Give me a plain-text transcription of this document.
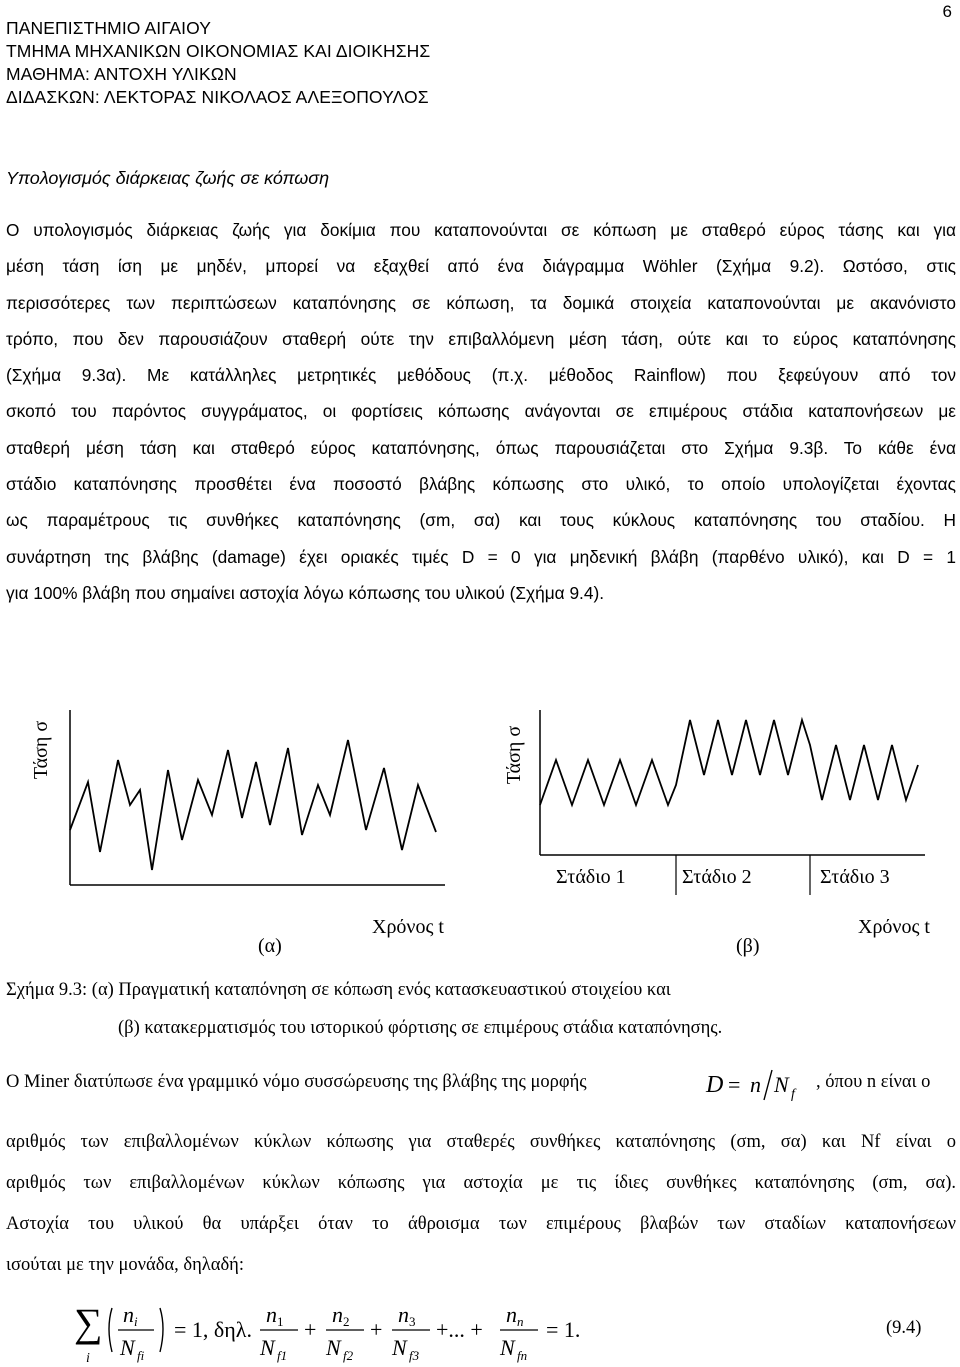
6
ΠΑΝΕΠΙΣΤΗΜΙΟ ΑΙΓΑΙΟΥ
ΤΜΗΜΑ ΜΗΧΑΝΙΚΩΝ ΟΙΚΟΝΟΜΙΑΣ ΚΑΙ ΔΙΟΙΚΗΣΗΣ
ΜΑΘΗΜΑ: ΑΝΤΟΧΗ ΥΛΙΚΩΝ
ΔΙΔΑΣΚΩΝ: ΛΕΚΤΟΡΑΣ ΝΙΚΟΛΑΟΣ ΑΛΕΞΟΠΟΥΛΟΣ
Υπολογισμός διάρκειας ζωής σε κόπωση
Ο υπολογισμός διάρκειας ζωής για δοκίμια που καταπονούνται σε κόπωση με σταθερό εύρος τάσης και για
μέση τάση ίση με μηδέν, μπορεί να εξαχθεί από ένα διάγραμμα Wöhler (Σχήμα 9.2). Ωστόσο, στις
περισσότερες των περιπτώσεων καταπόνησης σε κόπωση, τα δομικά στοιχεία καταπονούνται με ακανόνιστο
τρόπο, που δεν παρουσιάζουν σταθερή ούτε την επιβαλλόμενη μέση τάση, ούτε και το εύρος καταπόνησης
(Σχήμα 9.3α). Με κατάλληλες μετρητικές μεθόδους (π.χ. μέθοδος Rainflow) που ξεφεύγουν από τον
σκοπό του παρόντος συγγράματος, οι φορτίσεις κόπωσης ανάγονται σε επιμέρους στάδια καταπονήσεων με
σταθερή μέση τάση και σταθερό εύρος καταπόνησης, όπως παρουσιάζεται στο Σχήμα 9.3β. Το κάθε ένα
στάδιο καταπόνησης προσθέτει ένα ποσοστό βλάβης κόπωσης στο υλικό, το οποίο υπολογίζεται έχοντας
ως παραμέτρους τις συνθήκες καταπόνησης (σm, σα) και τους κύκλους καταπόνησης του σταδίου. Η
συνάρτηση της βλάβης (damage) έχει οριακές τιμές D = 0 για μηδενική βλάβη (παρθένο υλικό), και D = 1
για 100% βλάβη που σημαίνει αστοχία λόγω κόπωσης του υλικού (Σχήμα 9.4).
Τάση σ
Χρόνος t
(α)
Τάση σ
Στάδιο 1	Στάδιο 2	Στάδιο 3
Χρόνος t
(β)
Σχήμα 9.3: (α) Πραγματική καταπόνηση σε κόπωση ενός κατασκευαστικού στοιχείου και
(β) κατακερματισμός του ιστορικού φόρτισης σε επιμέρους στάδια καταπόνησης.
Ο Miner διατύπωσε ένα γραμμικό νόμο συσσώρευσης της βλάβης της μορφής	D = n N f
, όπου n είναι ο
αριθμός των επιβαλλομένων κύκλων κόπωσης για σταθερές συνθήκες καταπόνησης (σm, σα) και Nf είναι ο
αριθμός των επιβαλλομένων κύκλων κόπωσης για αστοχία με τις ίδιες συνθήκες καταπόνησης (σm, σα).
Αστοχία του υλικού θα υπάρξει όταν το άθροισμα των επιμέρους βλαβών των σταδίων καταπονήσεων
ισούται με την μονάδα, δηλαδή:
∑
i
n i
N fi
= 1, δηλ.
n 1
N f1
+
n 2
N f2
+
n 3
N f3
+... +
n n
N fn
= 1.	(9.4)
